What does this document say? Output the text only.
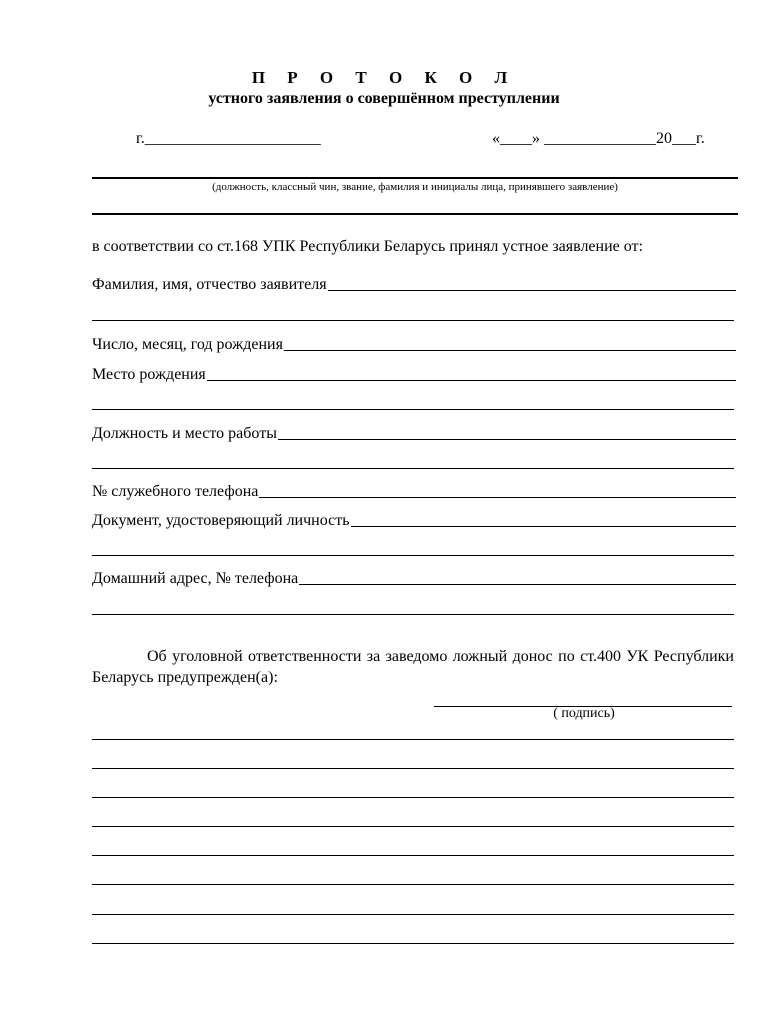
П Р О Т О К О Л
устного заявления о совершённом преступлении
г.______________________	«____» ______________20___г.
(должность, классный чин, звание, фамилия и инициалы лица, принявшего заявление)
в соответствии со ст.168 УПК Республики Беларусь принял устное заявление от:
Фамилия, имя, отчество заявителя
Число, месяц, год рождения
Место рождения
Должность и место работы
№ служебного телефона
Документ, удостоверяющий личность
Домашний адрес, № телефона
Об уголовной ответственности за заведомо ложный донос по ст.400 УК Республики Беларусь предупрежден(а):
( подпись)
